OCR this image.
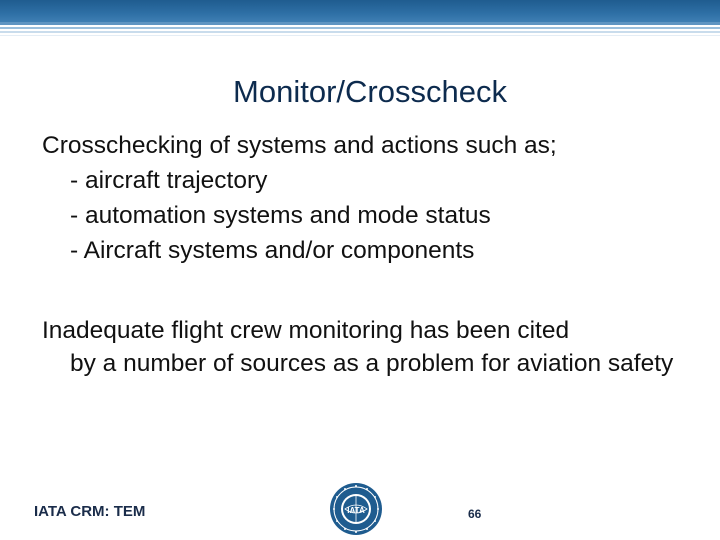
Monitor/Crosscheck
Crosschecking of systems and actions such as;
- aircraft trajectory
- automation systems and mode status
- Aircraft systems and/or components
Inadequate flight crew monitoring has been cited
by a number of sources as a problem for aviation safety
IATA CRM: TEM	IATA	66
